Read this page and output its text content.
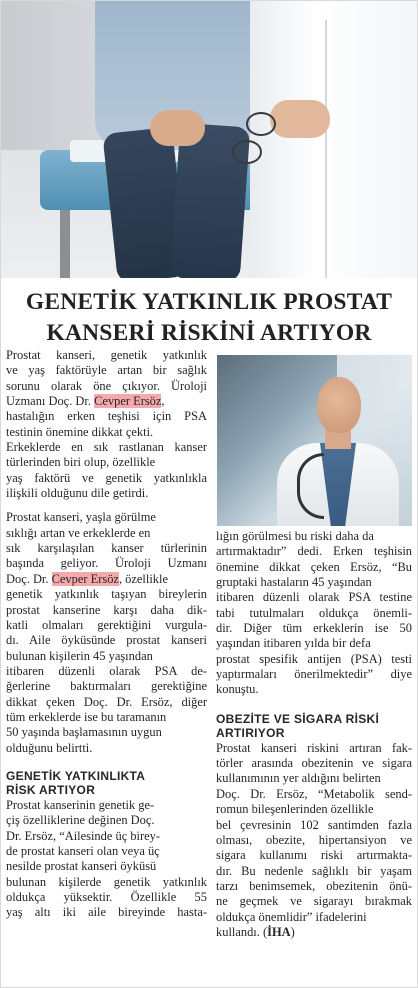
GENETİK YATKINLIK PROSTAT
KANSERİ RİSKİNİ ARTIYOR
Prostat kanseri, genetik yatkınlık
ve yaş faktörüyle artan bir sağlık
sorunu olarak öne çıkıyor. Üroloji
Uzmanı Doç. Dr. Cevper Ersöz,
hastalığın erken teşhisi için PSA
testinin önemine dikkat çekti.
Erkeklerde en sık rastlanan kanser
türlerinden biri olup, özellikle
yaş faktörü ve genetik yatkınlıkla
ilişkili olduğunu dile getirdi.
Prostat kanseri, yaşla görülme
sıklığı artan ve erkeklerde en
sık karşılaşılan kanser türlerinin
başında geliyor. Üroloji Uzmanı
Doç. Dr. Cevper Ersöz, özellikle
genetik yatkınlık taşıyan bireylerin
prostat kanserine karşı daha dik-
katli olmaları gerektiğini vurgula-
dı. Aile öyküsünde prostat kanseri
bulunan kişilerin 45 yaşından
itibaren düzenli olarak PSA de-
ğerlerine baktırmaları gerektiğine
dikkat çeken Doç. Dr. Ersöz, diğer
tüm erkeklerde ise bu taramanın
50 yaşında başlamasının uygun
olduğunu belirtti.
GENETİK YATKINLIKTA
RİSK ARTIYOR
Prostat kanserinin genetik ge-
çiş özelliklerine değinen Doç.
Dr. Ersöz, “Ailesinde üç birey-
de prostat kanseri olan veya üç
nesilde prostat kanseri öyküsü
bulunan kişilerde genetik yatkınlık
oldukça yüksektir. Özellikle 55
yaş altı iki aile bireyinde hasta-
lığın görülmesi bu riski daha da
artırmaktadır” dedi. Erken teşhisin
önemine dikkat çeken Ersöz, “Bu
gruptaki hastaların 45 yaşından
itibaren düzenli olarak PSA testine
tabi tutulmaları oldukça önemli-
dir. Diğer tüm erkeklerin ise 50
yaşından itibaren yılda bir defa
prostat spesifik antijen (PSA) testi
yaptırmaları önerilmektedir” diye
konuştu.
OBEZİTE VE SİGARA RİSKİ
ARTIRIYOR
Prostat kanseri riskini artıran fak-
törler arasında obezitenin ve sigara
kullanımının yer aldığını belirten
Doç. Dr. Ersöz, “Metabolik send-
romun bileşenlerinden özellikle
bel çevresinin 102 santimden fazla
olması, obezite, hipertansiyon ve
sigara kullanımı riski artırmakta-
dır. Bu nedenle sağlıklı bir yaşam
tarzı benimsemek, obezitenin önü-
ne geçmek ve sigarayı bırakmak
oldukça önemlidir” ifadelerini
kullandı. (İHA)
